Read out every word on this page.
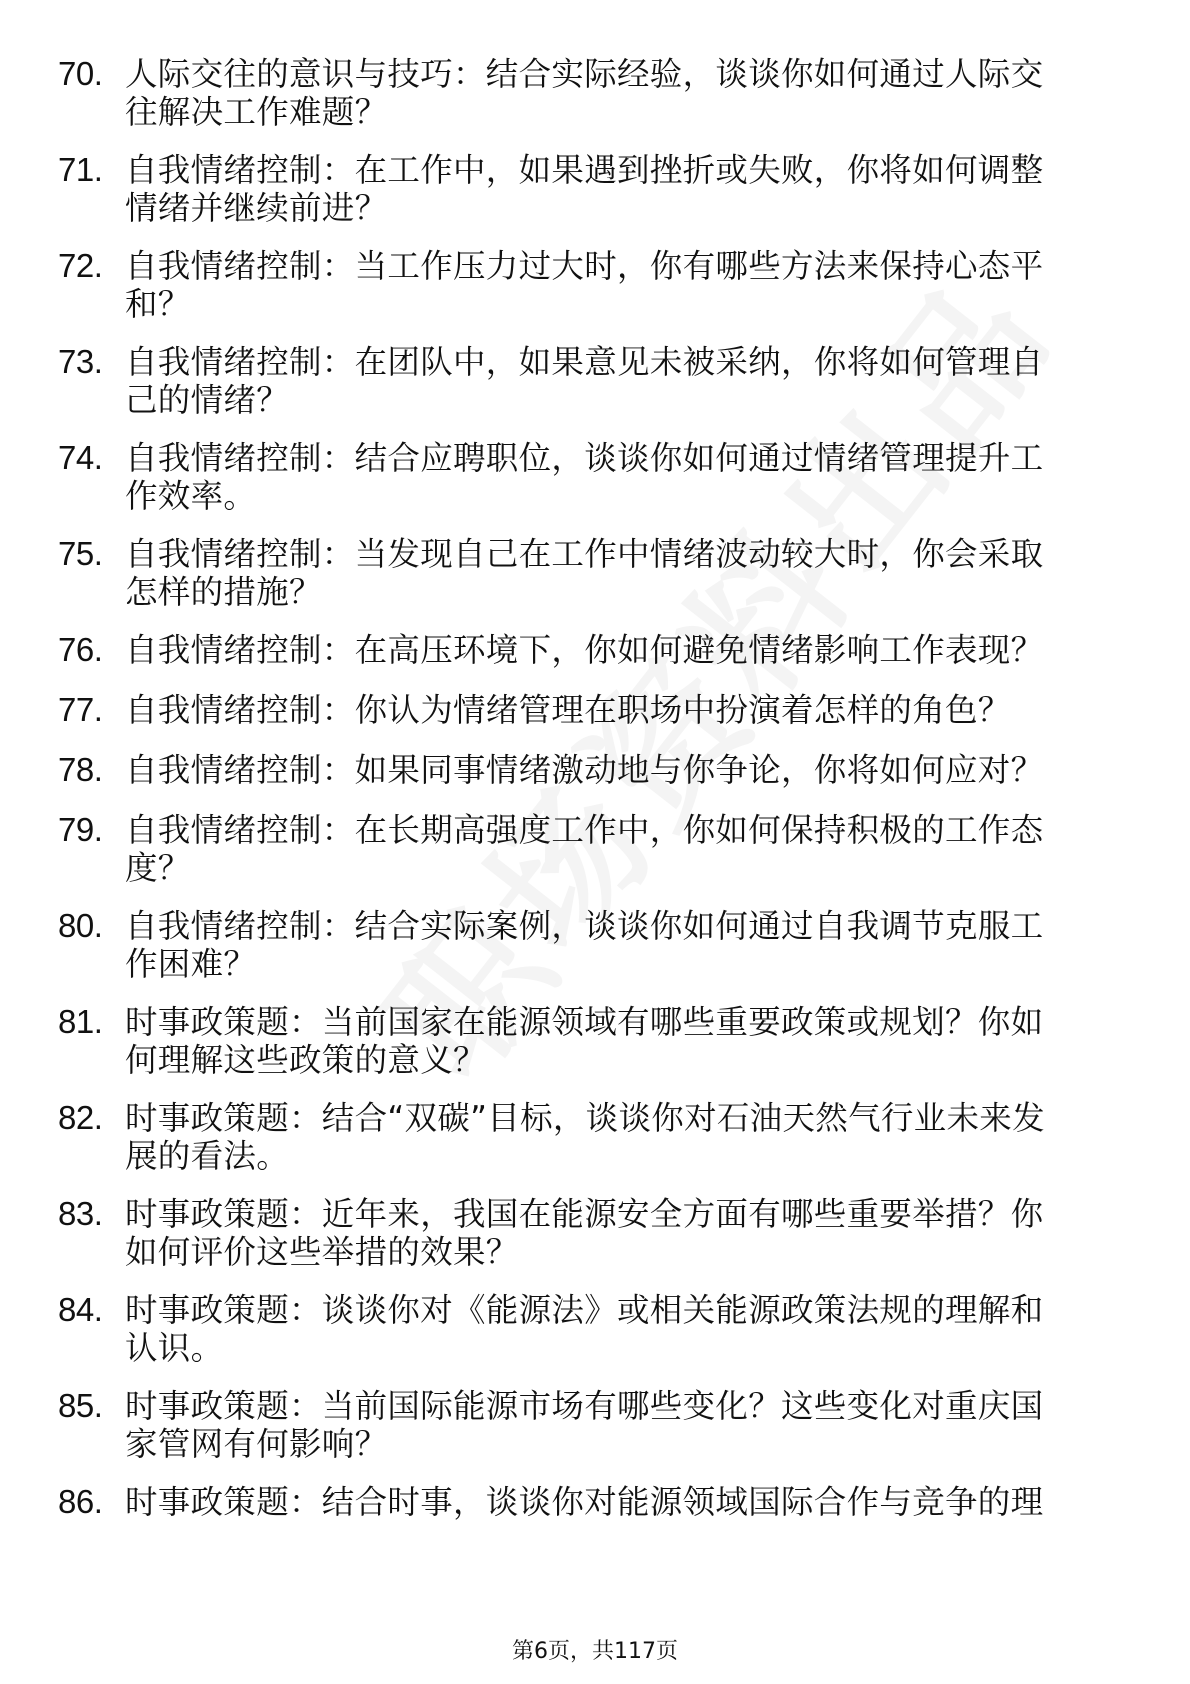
70. 人际交往的意识与技巧：结合实际经验，谈谈你如何通过人际交
往解决工作难题？
71. 自我情绪控制：在工作中，如果遇到挫折或失败，你将如何调整
情绪并继续前进？
72. 自我情绪控制：当工作压力过大时，你有哪些方法来保持心态平
和？
73. 自我情绪控制：在团队中，如果意见未被采纳，你将如何管理自
己的情绪？
74. 自我情绪控制：结合应聘职位，谈谈你如何通过情绪管理提升工
作效率。
75. 自我情绪控制：当发现自己在工作中情绪波动较大时，你会采取
怎样的措施？
76. 自我情绪控制：在高压环境下，你如何避免情绪影响工作表现？
77. 自我情绪控制：你认为情绪管理在职场中扮演着怎样的角色？
78. 自我情绪控制：如果同事情绪激动地与你争论，你将如何应对？
79. 自我情绪控制：在长期高强度工作中，你如何保持积极的工作态
度？
80. 自我情绪控制：结合实际案例，谈谈你如何通过自我调节克服工
作困难？
81. 时事政策题：当前国家在能源领域有哪些重要政策或规划？你如
何理解这些政策的意义？
82. 时事政策题：结合“双碳”目标，谈谈你对石油天然气行业未来发
展的看法。
83. 时事政策题：近年来，我国在能源安全方面有哪些重要举措？你
如何评价这些举措的效果？
84. 时事政策题：谈谈你对《能源法》或相关能源政策法规的理解和
认识。
85. 时事政策题：当前国际能源市场有哪些变化？这些变化对重庆国
家管网有何影响？
86. 时事政策题：结合时事，谈谈你对能源领域国际合作与竞争的理
第6页，共117页
